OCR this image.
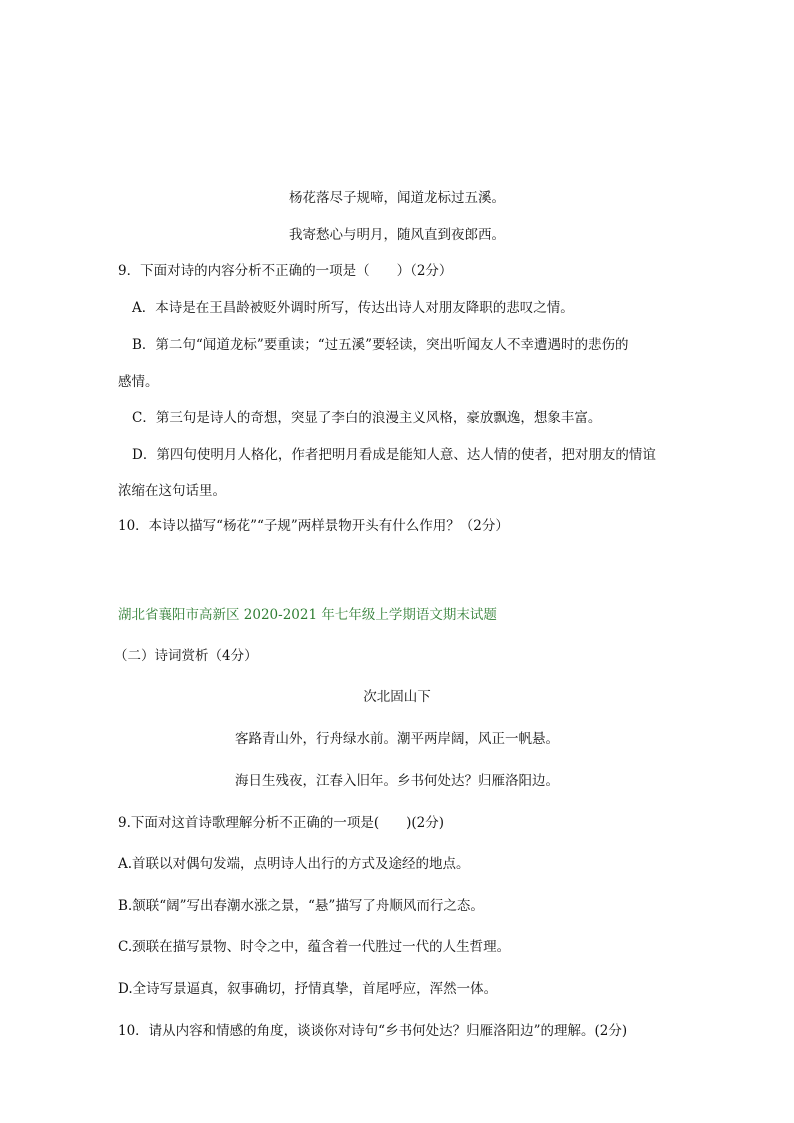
杨花落尽子规啼，闻道龙标过五溪。
我寄愁心与明月，随风直到夜郎西。
9．下面对诗的内容分析不正确的一项是（　　）（2分）
A．本诗是在王昌龄被贬外调时所写，传达出诗人对朋友降职的悲叹之情。
B．第二句“闻道龙标”要重读；“过五溪”要轻读，突出听闻友人不幸遭遇时的悲伤的
感情。
C．第三句是诗人的奇想，突显了李白的浪漫主义风格，豪放飘逸，想象丰富。
D．第四句使明月人格化，作者把明月看成是能知人意、达人情的使者，把对朋友的情谊
浓缩在这句话里。
10．本诗以描写“杨花”“子规”两样景物开头有什么作用？（2分）
湖北省襄阳市高新区 2020-2021 年七年级上学期语文期末试题
（二）诗词赏析（4分）
次北固山下
客路青山外，行舟绿水前。潮平两岸阔，风正一帆悬。
海日生残夜，江春入旧年。乡书何处达？归雁洛阳边。
9.下面对这首诗歌理解分析不正确的一项是(　　)(2分)
A.首联以对偶句发端，点明诗人出行的方式及途经的地点。
B.颔联“阔”写出春潮水涨之景，“悬”描写了舟顺风而行之态。
C.颈联在描写景物、时令之中，蕴含着一代胜过一代的人生哲理。
D.全诗写景逼真，叙事确切，抒情真挚，首尾呼应，浑然一体。
10．请从内容和情感的角度，谈谈你对诗句“乡书何处达？归雁洛阳边”的理解。(2分)
